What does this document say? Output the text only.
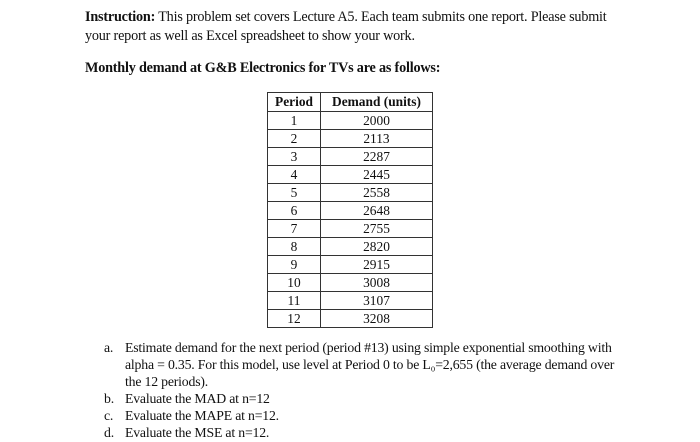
Instruction: This problem set covers Lecture A5. Each team submits one report. Please submit your report as well as Excel spreadsheet to show your work.
Monthly demand at G&B Electronics for TVs are as follows:
Period	Demand (units)
1	2000
2	2113
3	2287
4	2445
5	2558
6	2648
7	2755
8	2820
9	2915
10	3008
11	3107
12	3208
a. Estimate demand for the next period (period #13) using simple exponential smoothing with alpha = 0.35. For this model, use level at Period 0 to be L₀=2,655 (the average demand over the 12 periods).
b. Evaluate the MAD at n=12
c. Evaluate the MAPE at n=12.
d. Evaluate the MSE at n=12.
